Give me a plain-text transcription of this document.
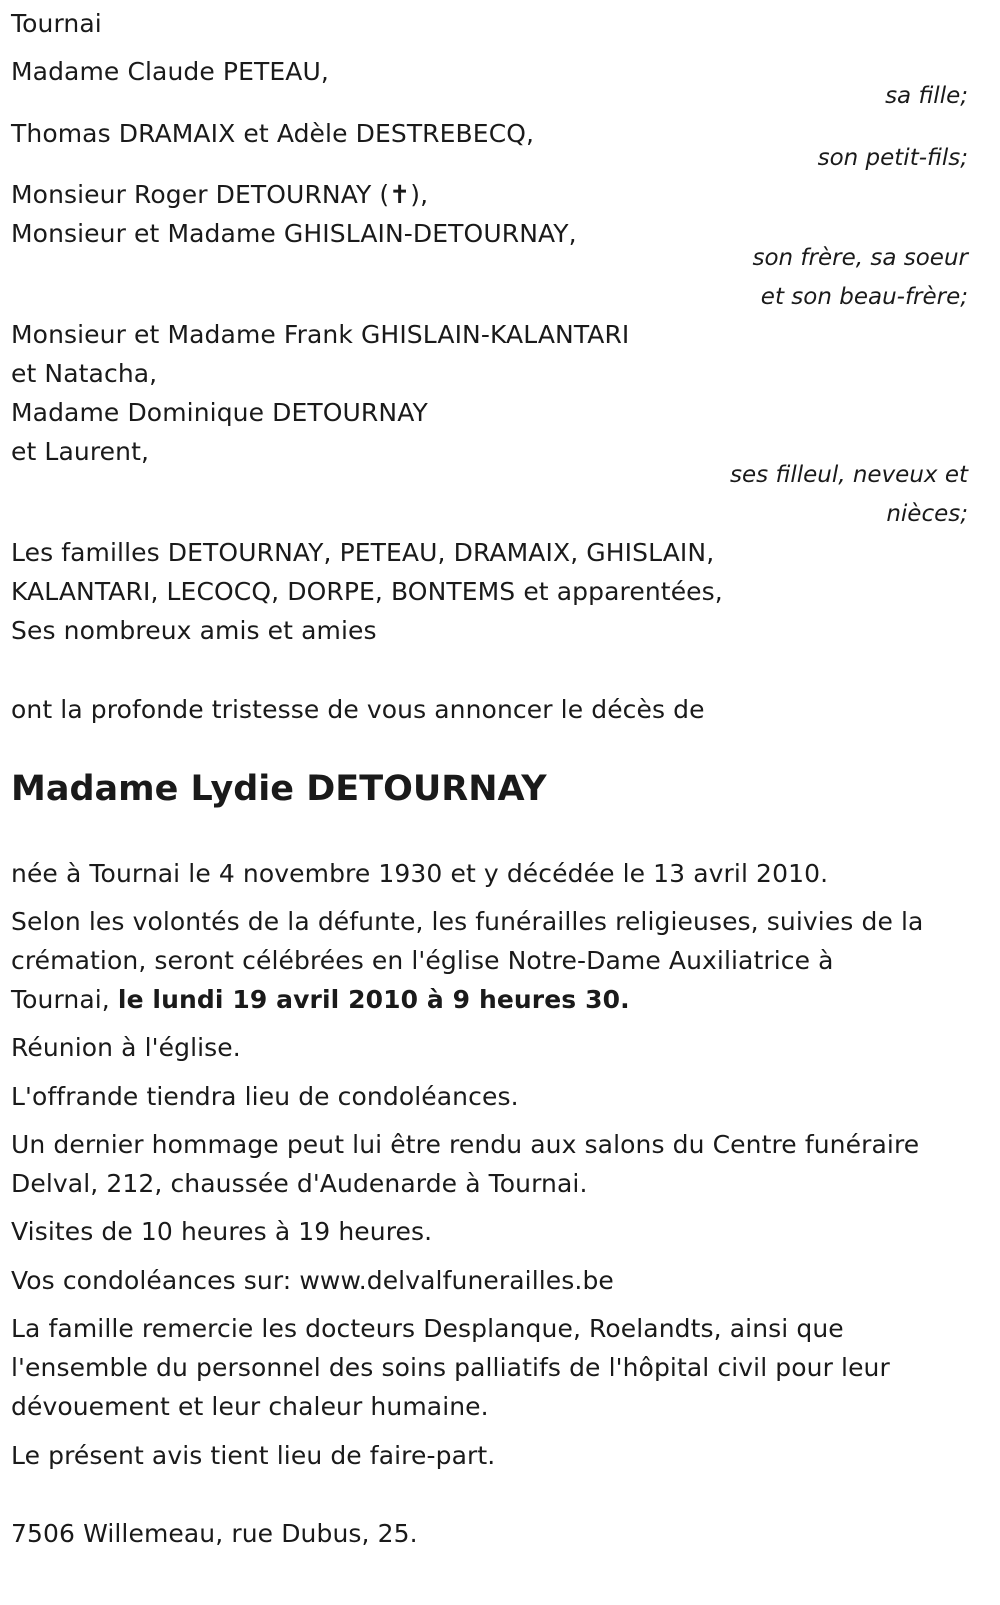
Tournai
Madame Claude PETEAU,
sa fille;
Thomas DRAMAIX et Adèle DESTREBECQ,
son petit-fils;
Monsieur Roger DETOURNAY (✝),
Monsieur et Madame GHISLAIN-DETOURNAY,
son frère, sa soeur
et son beau-frère;
Monsieur et Madame Frank GHISLAIN-KALANTARI
et Natacha,
Madame Dominique DETOURNAY
et Laurent,
ses filleul, neveux et
nièces;
Les familles DETOURNAY, PETEAU, DRAMAIX, GHISLAIN,
KALANTARI, LECOCQ, DORPE, BONTEMS et apparentées,
Ses nombreux amis et amies
ont la profonde tristesse de vous annoncer le décès de
Madame Lydie DETOURNAY
née à Tournai le 4 novembre 1930 et y décédée le 13 avril 2010.
Selon les volontés de la défunte, les funérailles religieuses, suivies de la
crémation, seront célébrées en l'église Notre-Dame Auxiliatrice à
Tournai, le lundi 19 avril 2010 à 9 heures 30.
Réunion à l'église.
L'offrande tiendra lieu de condoléances.
Un dernier hommage peut lui être rendu aux salons du Centre funéraire
Delval, 212, chaussée d'Audenarde à Tournai.
Visites de 10 heures à 19 heures.
Vos condoléances sur: www.delvalfunerailles.be
La famille remercie les docteurs Desplanque, Roelandts, ainsi que
l'ensemble du personnel des soins palliatifs de l'hôpital civil pour leur
dévouement et leur chaleur humaine.
Le présent avis tient lieu de faire-part.
7506 Willemeau, rue Dubus, 25.
